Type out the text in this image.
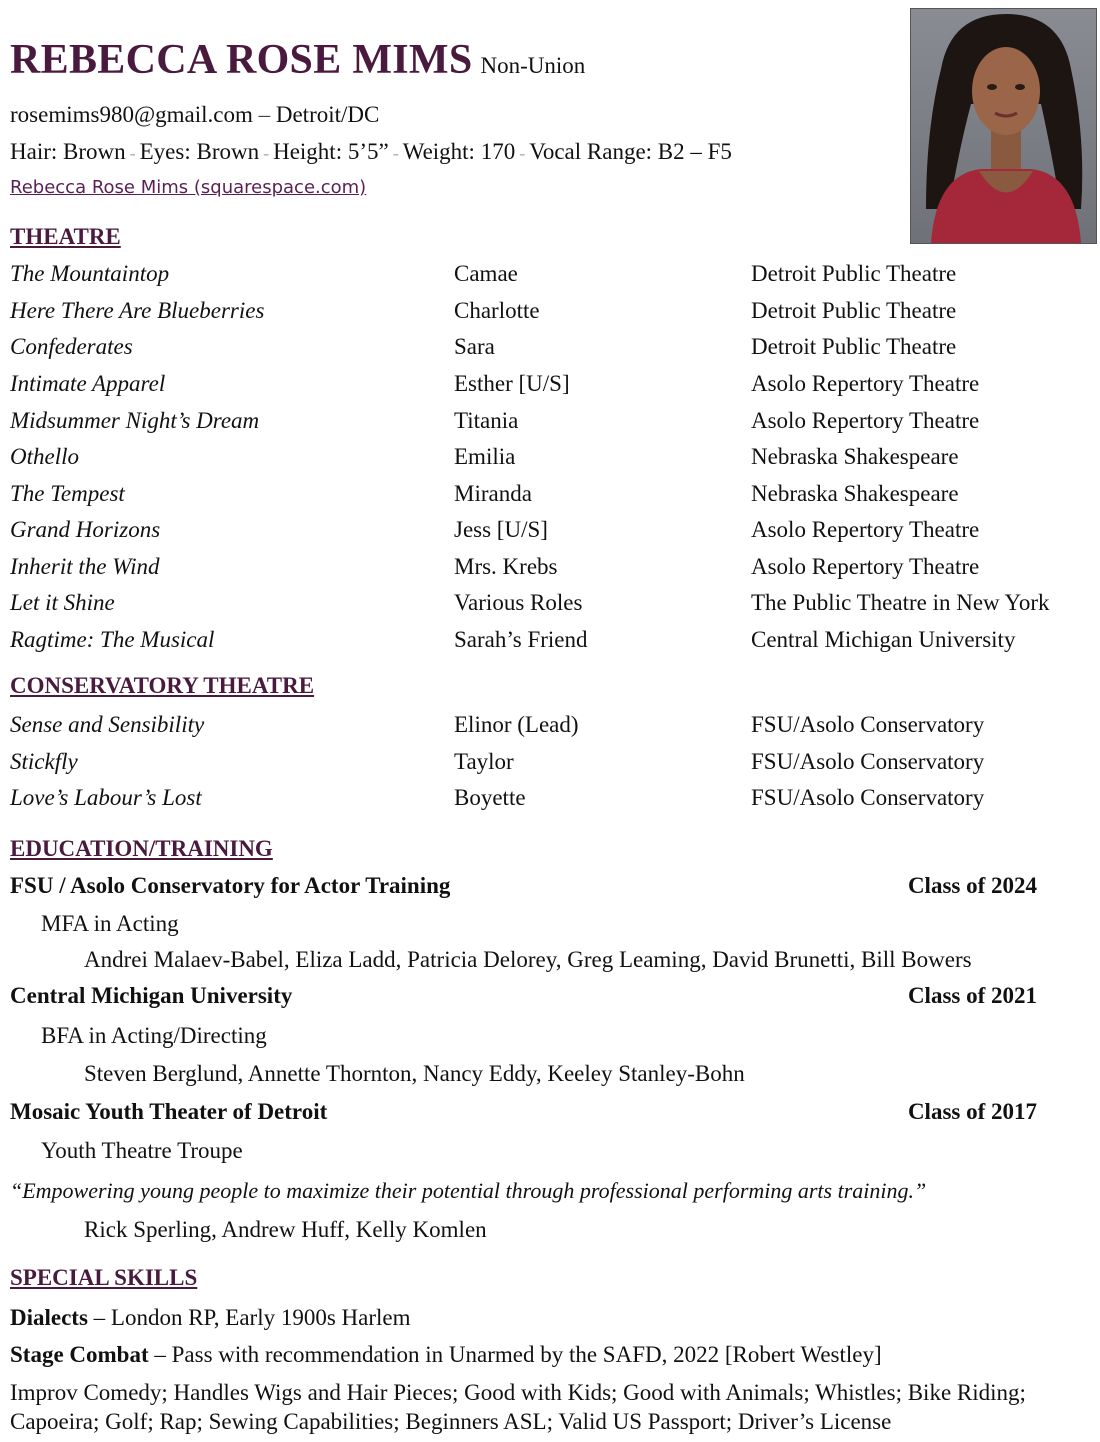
REBECCA ROSE MIMS Non-Union
rosemims980@gmail.com – Detroit/DC
Hair: Brown - Eyes: Brown - Height: 5’5” - Weight: 170 - Vocal Range: B2 – F5
Rebecca Rose Mims (squarespace.com)
THEATRE
The Mountaintop	Camae	Detroit Public Theatre
Here There Are Blueberries	Charlotte	Detroit Public Theatre
Confederates	Sara	Detroit Public Theatre
Intimate Apparel	Esther [U/S]	Asolo Repertory Theatre
Midsummer Night’s Dream	Titania	Asolo Repertory Theatre
Othello	Emilia	Nebraska Shakespeare
The Tempest	Miranda	Nebraska Shakespeare
Grand Horizons	Jess [U/S]	Asolo Repertory Theatre
Inherit the Wind	Mrs. Krebs	Asolo Repertory Theatre
Let it Shine	Various Roles	The Public Theatre in New York
Ragtime: The Musical	Sarah’s Friend	Central Michigan University
CONSERVATORY THEATRE
Sense and Sensibility	Elinor (Lead)	FSU/Asolo Conservatory
Stickfly	Taylor	FSU/Asolo Conservatory
Love’s Labour’s Lost	Boyette	FSU/Asolo Conservatory
EDUCATION/TRAINING
FSU / Asolo Conservatory for Actor Training	Class of 2024
MFA in Acting
Andrei Malaev-Babel, Eliza Ladd, Patricia Delorey, Greg Leaming, David Brunetti, Bill Bowers
Central Michigan University	Class of 2021
BFA in Acting/Directing
Steven Berglund, Annette Thornton, Nancy Eddy, Keeley Stanley-Bohn
Mosaic Youth Theater of Detroit	Class of 2017
Youth Theatre Troupe
“Empowering young people to maximize their potential through professional performing arts training.”
Rick Sperling, Andrew Huff, Kelly Komlen
SPECIAL SKILLS
Dialects – London RP, Early 1900s Harlem
Stage Combat – Pass with recommendation in Unarmed by the SAFD, 2022 [Robert Westley]
Improv Comedy; Handles Wigs and Hair Pieces; Good with Kids; Good with Animals; Whistles; Bike Riding; Capoeira; Golf; Rap; Sewing Capabilities; Beginners ASL; Valid US Passport; Driver’s License
